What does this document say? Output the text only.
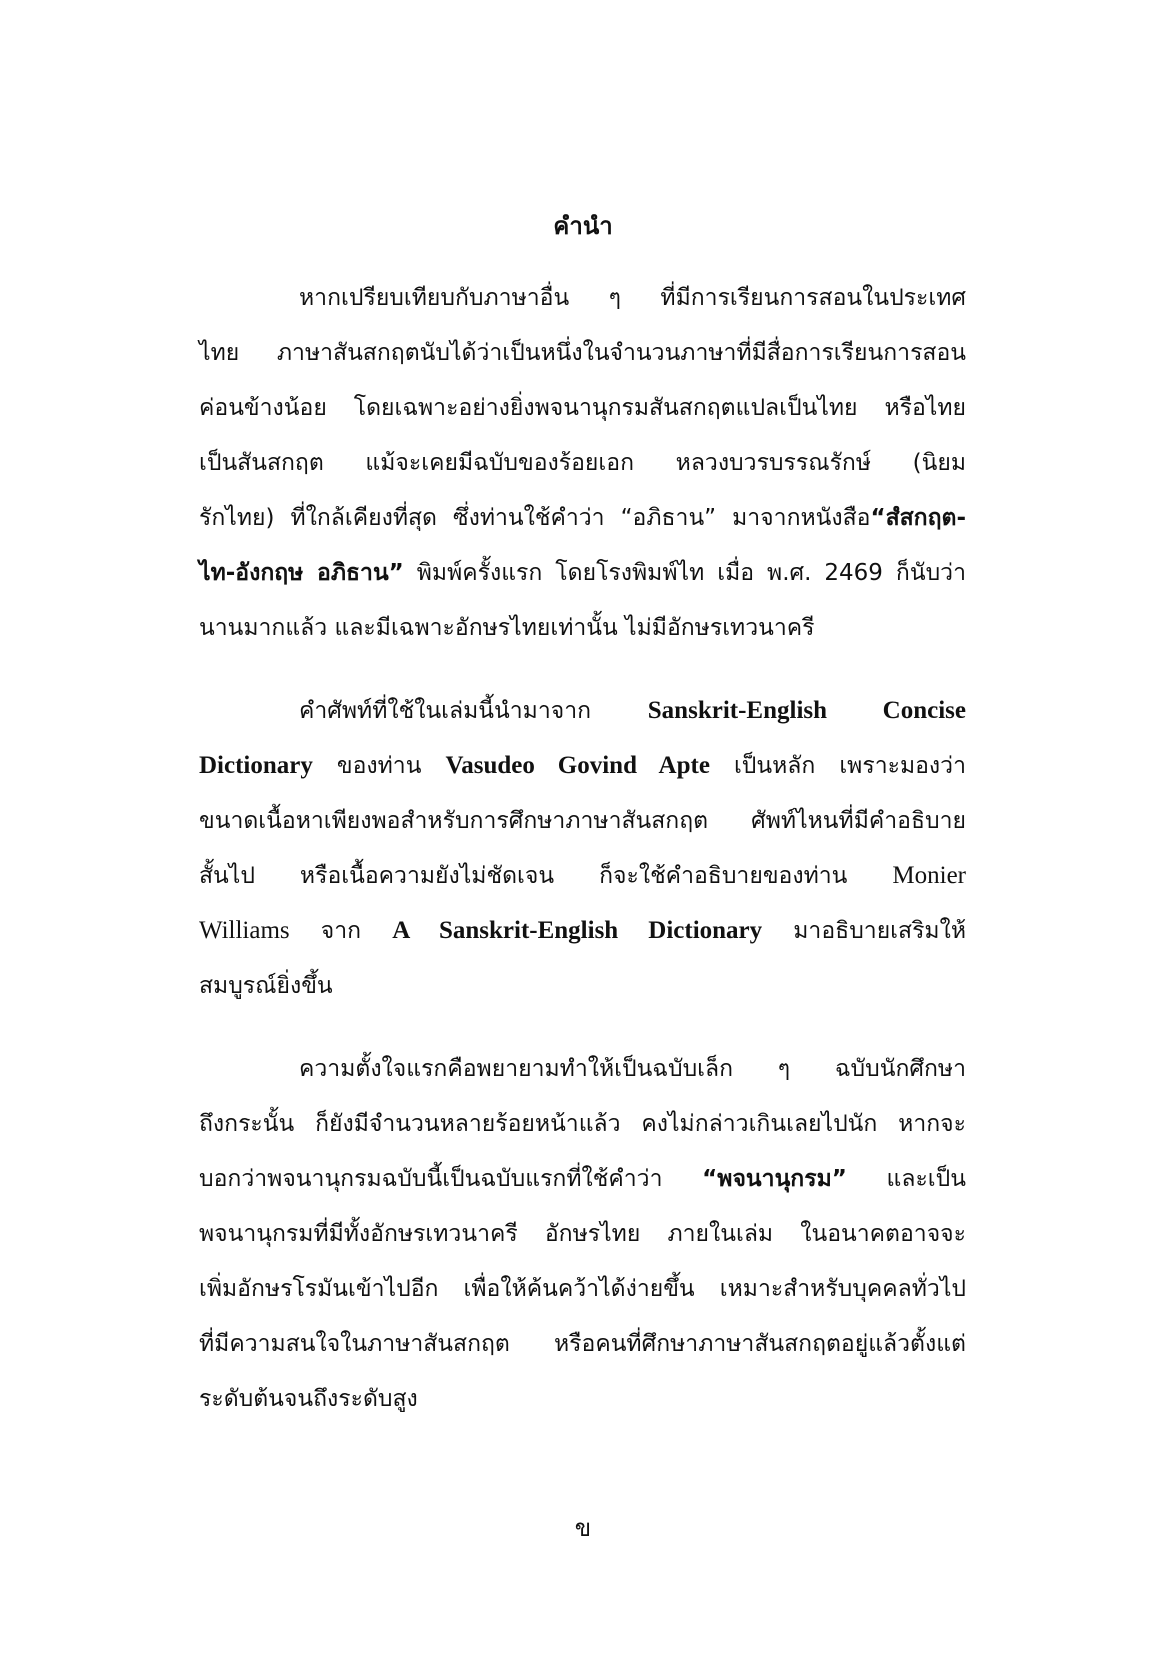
คำนำ

หากเปรียบเทียบกับภาษาอื่น ๆ ที่มีการเรียนการสอนในประเทศ

ไทย ภาษาสันสกฤตนับได้ว่าเป็นหนึ่งในจำนวนภาษาที่มีสื่อการเรียนการสอน

ค่อนข้างน้อย โดยเฉพาะอย่างยิ่งพจนานุกรมสันสกฤตแปลเป็นไทย หรือไทย

เป็นสันสกฤต แม้จะเคยมีฉบับของร้อยเอก หลวงบวรบรรณรักษ์ (นิยม

รักไทย) ที่ใกล้เคียงที่สุด ซึ่งท่านใช้คำว่า “อภิธาน” มาจากหนังสือ“สํสกฤต-

ไท-อังกฤษ อภิธาน” พิมพ์ครั้งแรก โดยโรงพิมพ์ไท เมื่อ พ.ศ. 2469 ก็นับว่า

นานมากแล้ว และมีเฉพาะอักษรไทยเท่านั้น ไม่มีอักษรเทวนาครี

คำศัพท์ที่ใช้ในเล่มนี้นำมาจาก Sanskrit-English Concise

Dictionary ของท่าน Vasudeo Govind Apte เป็นหลัก เพราะมองว่า

ขนาดเนื้อหาเพียงพอสำหรับการศึกษาภาษาสันสกฤต ศัพท์ไหนที่มีคำอธิบาย

สั้นไป หรือเนื้อความยังไม่ชัดเจน ก็จะใช้คำอธิบายของท่าน Monier

Williams จาก A Sanskrit-English Dictionary มาอธิบายเสริมให้

สมบูรณ์ยิ่งขึ้น

ความตั้งใจแรกคือพยายามทำให้เป็นฉบับเล็ก ๆ ฉบับนักศึกษา

ถึงกระนั้น ก็ยังมีจำนวนหลายร้อยหน้าแล้ว คงไม่กล่าวเกินเลยไปนัก หากจะ

บอกว่าพจนานุกรมฉบับนี้เป็นฉบับแรกที่ใช้คำว่า “พจนานุกรม” และเป็น

พจนานุกรมที่มีทั้งอักษรเทวนาครี อักษรไทย ภายในเล่ม ในอนาคตอาจจะ

เพิ่มอักษรโรมันเข้าไปอีก เพื่อให้ค้นคว้าได้ง่ายขึ้น เหมาะสำหรับบุคคลทั่วไป

ที่มีความสนใจในภาษาสันสกฤต หรือคนที่ศึกษาภาษาสันสกฤตอยู่แล้วตั้งแต่

ระดับต้นจนถึงระดับสูง

ข
